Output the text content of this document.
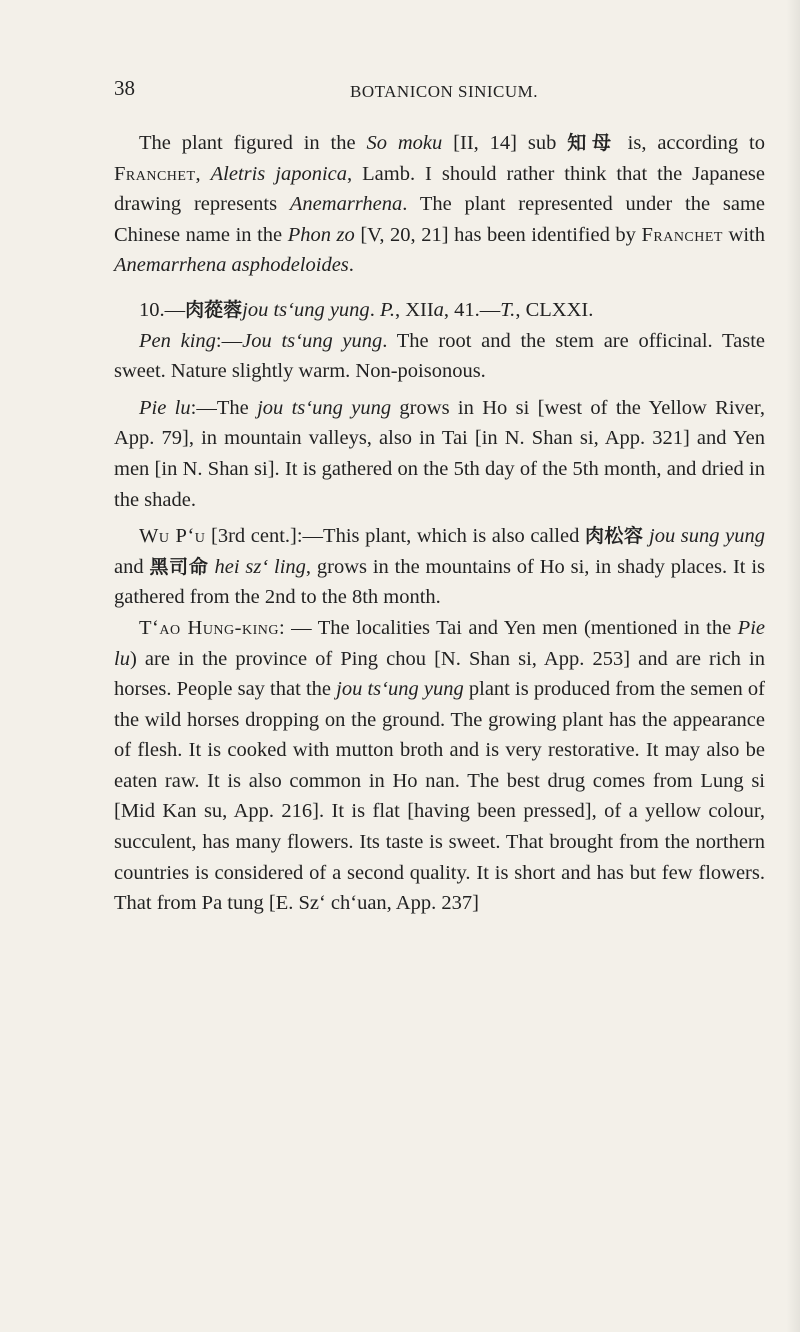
38	BOTANICON SINICUM.

The plant figured in the So moku [II, 14] sub 知母 is, according to Franchet, Aletris japonica, Lamb. I should rather think that the Japanese drawing represents Anemarrhena. The plant represented under the same Chinese name in the Phon zo [V, 20, 21] has been identified by Franchet with Anemarrhena asphodeloides.

10.—肉蓯蓉jou ts‘ung yung. P., XIIa, 41.—T., CLXXI.

Pen king:—Jou ts‘ung yung. The root and the stem are officinal. Taste sweet. Nature slightly warm. Non-poisonous.

Pie lu:—The jou ts‘ung yung grows in Ho si [west of the Yellow River, App. 79], in mountain valleys, also in Tai [in N. Shan si, App. 321] and Yen men [in N. Shan si]. It is gathered on the 5th day of the 5th month, and dried in the shade.

Wu P‘u [3rd cent.]:—This plant, which is also called 肉松容 jou sung yung and 黑司命 hei sz‘ ling, grows in the mountains of Ho si, in shady places. It is gathered from the 2nd to the 8th month.

T‘ao Hung-king: — The localities Tai and Yen men (mentioned in the Pie lu) are in the province of Ping chou [N. Shan si, App. 253] and are rich in horses. People say that the jou ts‘ung yung plant is produced from the semen of the wild horses dropping on the ground. The growing plant has the appearance of flesh. It is cooked with mutton broth and is very restorative. It may also be eaten raw. It is also common in Ho nan. The best drug comes from Lung si [Mid Kan su, App. 216]. It is flat [having been pressed], of a yellow colour, succulent, has many flowers. Its taste is sweet. That brought from the northern countries is considered of a second quality. It is short and has but few flowers. That from Pa tung [E. Sz‘ ch‘uan, App. 237]
